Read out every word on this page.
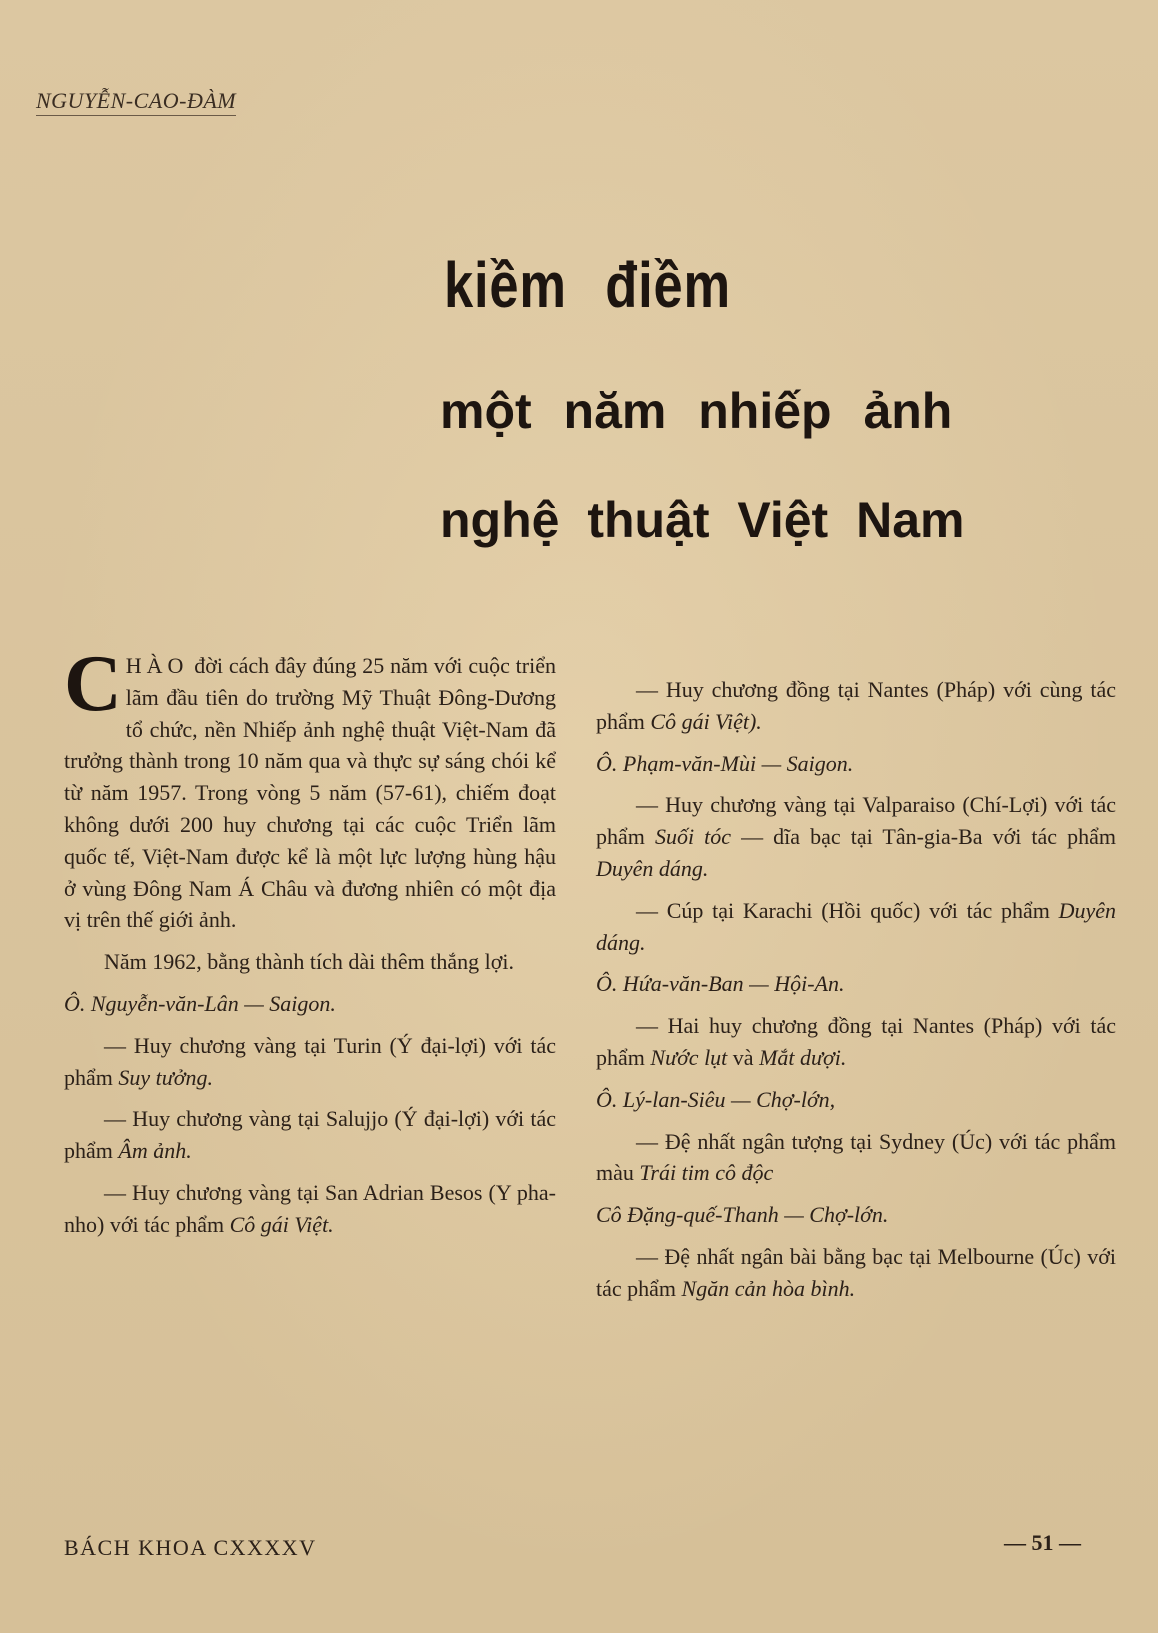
NGUYỄN-CAO-ĐÀM
kiềm điềm
một năm nhiếp ảnh
nghệ thuật Việt Nam

CHÀO đời cách đây đúng 25 năm với cuộc triển lãm đầu tiên do trường Mỹ Thuật Đông-Dương tổ chức, nền Nhiếp ảnh nghệ thuật Việt-Nam đã trưởng thành trong 10 năm qua và thực sự sáng chói kể từ năm 1957. Trong vòng 5 năm (57-61), chiếm đoạt không dưới 200 huy chương tại các cuộc Triển lãm quốc tế, Việt-Nam được kể là một lực lượng hùng hậu ở vùng Đông Nam Á Châu và đương nhiên có một địa vị trên thế giới ảnh.

Năm 1962, bằng thành tích dài thêm thắng lợi.

Ô. Nguyễn-văn-Lân — Saigon.

— Huy chương vàng tại Turin (Ý đại-lợi) với tác phẩm Suy tưởng.

— Huy chương vàng tại Salujjo (Ý đại-lợi) với tác phẩm Âm ảnh.

— Huy chương vàng tại San Adrian Besos (Y pha-nho) với tác phẩm Cô gái Việt.

— Huy chương đồng tại Nantes (Pháp) với cùng tác phẩm Cô gái Việt).

Ô. Phạm-văn-Mùi — Saigon.

— Huy chương vàng tại Valparaiso (Chí-Lợi) với tác phẩm Suối tóc — dĩa bạc tại Tân-gia-Ba với tác phẩm Duyên dáng.

— Cúp tại Karachi (Hồi quốc) với tác phẩm Duyên dáng.

Ô. Hứa-văn-Ban — Hội-An.

— Hai huy chương đồng tại Nantes (Pháp) với tác phẩm Nước lụt và Mắt dượi.

Ô. Lý-lan-Siêu — Chợ-lớn,

— Đệ nhất ngân tượng tại Sydney (Úc) với tác phẩm màu Trái tim cô độc

Cô Đặng-quế-Thanh — Chợ-lớn.

— Đệ nhất ngân bài bằng bạc tại Melbourne (Úc) với tác phẩm Ngăn cản hòa bình.

BÁCH KHOA CXXXXV	— 51 —
